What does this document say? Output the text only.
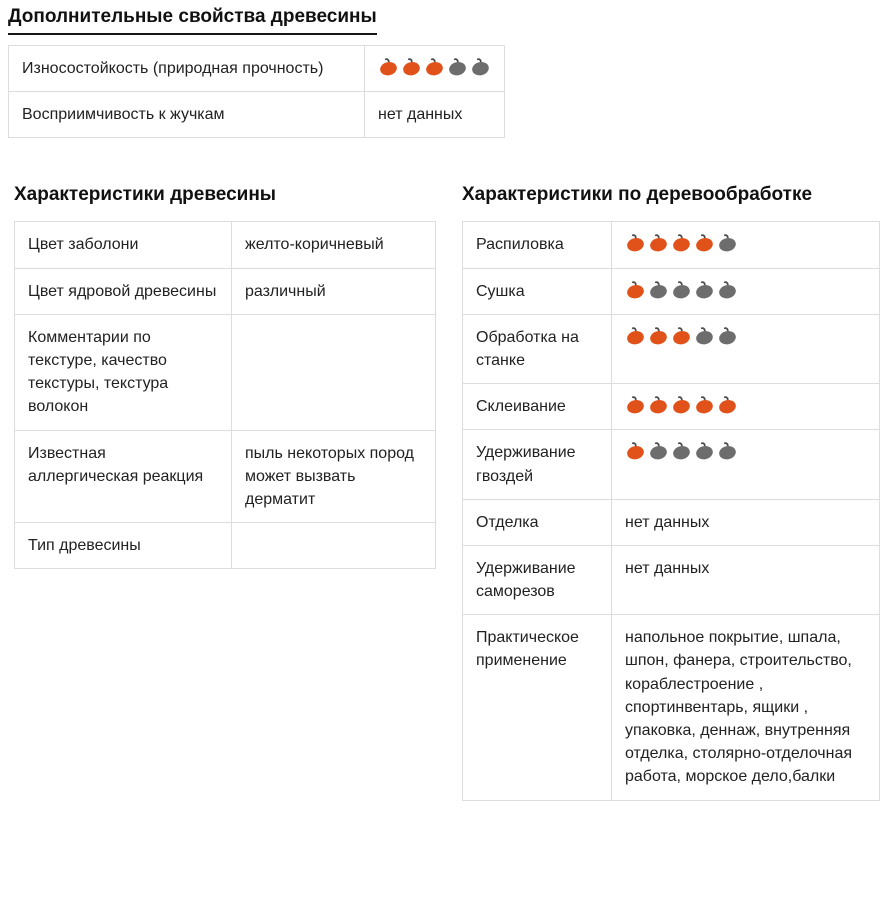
Дополнительные свойства древесины
Износостойкость (природная прочность)	

Восприимчивость к жучкам	нет данных
Характеристики древесины
Цвет заболони	желто-коричневый
Цвет ядровой древесины	различный
Комментарии по текстуре, качество текстуры, текстура волокон	
Известная аллергическая реакция	пыль некоторых пород может вызвать дерматит
Тип древесины	
Характеристики по деревообработке
Распиловка	

Сушка	

Обработка на станке	

Склеивание	

Удерживание гвоздей	

Отделка	нет данных
Удерживание саморезов	нет данных
Практическое применение	напольное покрытие, шпала, шпон, фанера, строительство, кораблестроение , спортинвентарь, ящики , упаковка, деннаж, внутренняя отделка, столярно-отделочная работа, морское дело,балки
